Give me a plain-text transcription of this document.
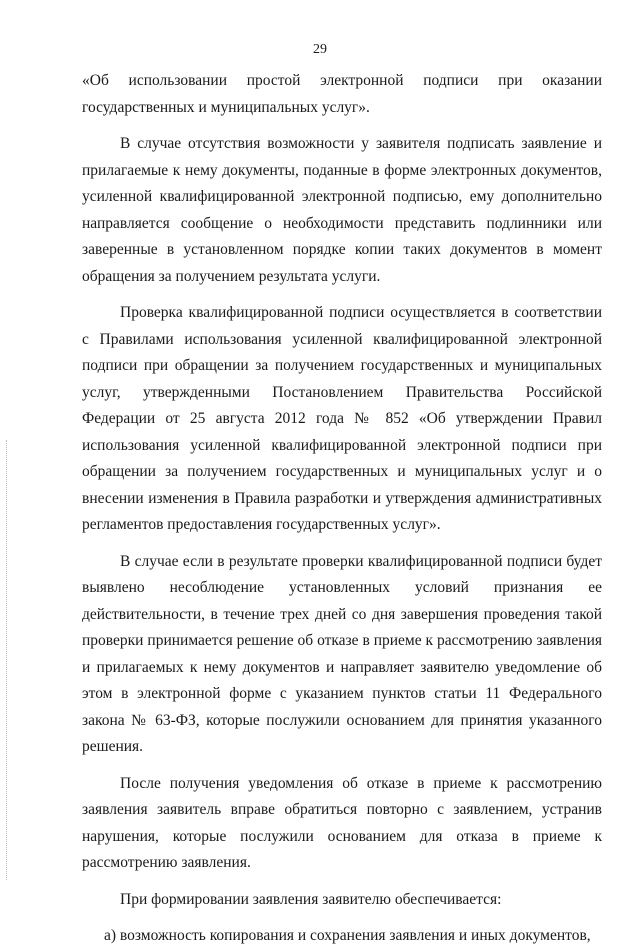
29

«Об использовании простой электронной подписи при оказании государственных и муниципальных услуг».

В случае отсутствия возможности у заявителя подписать заявление и прилагаемые к нему документы, поданные в форме электронных документов, усиленной квалифицированной электронной подписью, ему дополнительно направляется сообщение о необходимости представить подлинники или заверенные в установленном порядке копии таких документов в момент обращения за получением результата услуги.

Проверка квалифицированной подписи осуществляется в соответствии с Правилами использования усиленной квалифицированной электронной подписи при обращении за получением государственных и муниципальных услуг, утвержденными Постановлением Правительства Российской Федерации от 25 августа 2012 года № 852 «Об утверждении Правил использования усиленной квалифицированной электронной подписи при обращении за получением государственных и муниципальных услуг и о внесении изменения в Правила разработки и утверждения административных регламентов предоставления государственных услуг».

В случае если в результате проверки квалифицированной подписи будет выявлено несоблюдение установленных условий признания ее действительности, в течение трех дней со дня завершения проведения такой проверки принимается решение об отказе в приеме к рассмотрению заявления и прилагаемых к нему документов и направляет заявителю уведомление об этом в электронной форме с указанием пунктов статьи 11 Федерального закона № 63-ФЗ, которые послужили основанием для принятия указанного решения.

После получения уведомления об отказе в приеме к рассмотрению заявления заявитель вправе обратиться повторно с заявлением, устранив нарушения, которые послужили основанием для отказа в приеме к рассмотрению заявления.

При формировании заявления заявителю обеспечивается:

а) возможность копирования и сохранения заявления и иных документов,
